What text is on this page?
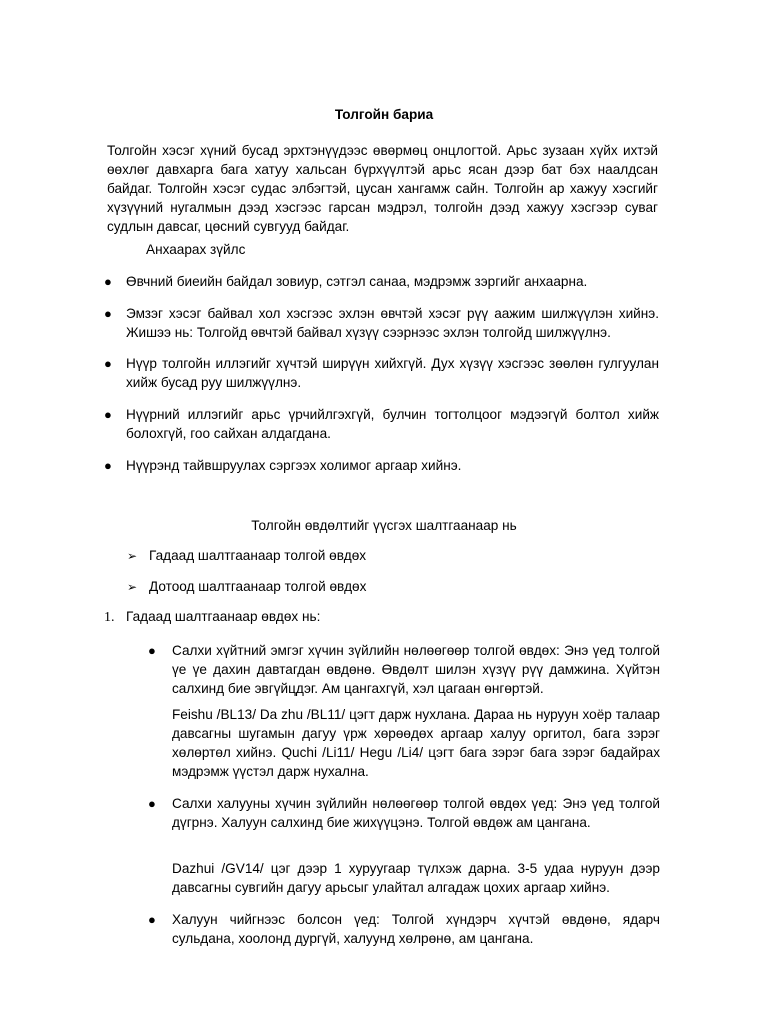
Толгойн бариа
Толгойн хэсэг хүний бусад эрхтэнүүдээс өвөрмөц онцлогтой. Арьс зузаан хүйх ихтэй өөхлөг давхарга бага хатуу хальсан бүрхүүлтэй арьс ясан дээр бат бэх наалдсан байдаг. Толгойн хэсэг судас элбэгтэй, цусан хангамж сайн. Толгойн ар хажуу хэсгийг хүзүүний нугалмын дээд хэсгээс гарсан мэдрэл, толгойн дээд хажуу хэсгээр суваг судлын давсаг, цөсний сувгууд байдаг.
Анхаарах зүйлс
●	Өвчний биеийн байдал зовиур, сэтгэл санаа, мэдрэмж зэргийг анхаарна.
●	Эмзэг хэсэг байвал хол хэсгээс эхлэн өвчтэй хэсэг рүү аажим шилжүүлэн хийнэ. Жишээ нь: Толгойд өвчтэй байвал хүзүү сээрнээс эхлэн толгойд шилжүүлнэ.
●	Нүүр толгойн иллэгийг хүчтэй ширүүн хийхгүй. Дух хүзүү хэсгээс зөөлөн гулгуулан хийж бусад руу шилжүүлнэ.
●	Нүүрний иллэгийг арьс үрчийлгэхгүй, булчин тогтолцоог мэдээгүй болтол хийж болохгүй, гоо сайхан алдагдана.
●	Нүүрэнд тайвшруулах сэргээх холимог аргаар хийнэ.
Толгойн өвдөлтийг үүсгэх шалтгаанаар нь
➢ Гадаад шалтгаанаар толгой өвдөх
➢ Дотоод шалтгаанаар толгой өвдөх
1. Гадаад шалтгаанаар өвдөх нь:
● Салхи хүйтний эмгэг хүчин зүйлийн нөлөөгөөр толгой өвдөх: Энэ үед толгой үе үе дахин давтагдан өвдөнө. Өвдөлт шилэн хүзүү рүү дамжина. Хүйтэн салхинд бие эвгүйцдэг. Ам цангахгүй, хэл цагаан өнгөртэй.
Feishu /BL13/ Da zhu /BL11/ цэгт дарж нухлана. Дараа нь нуруун хоёр талаар давсагны шугамын дагуу үрж хөрөөдөх аргаар халуу оргитол, бага зэрэг хөлөртөл хийнэ. Quchi /Li11/ Hegu /Li4/ цэгт бага зэрэг бага зэрэг бадайрах мэдрэмж үүстэл дарж нухална.
● Салхи халууны хүчин зүйлийн нөлөөгөөр толгой өвдөх үед: Энэ үед толгой дүгрнэ. Халуун салхинд бие жихүүцэнэ. Толгой өвдөж ам цангана.
Dazhui /GV14/ цэг дээр 1 хуруугаар түлхэж дарна. 3-5 удаа нуруун дээр давсагны сувгийн дагуу арьсыг улайтал алгадаж цохих аргаар хийнэ.
● Халуун чийгнээс болсон үед: Толгой хүндэрч хүчтэй өвдөнө, ядарч сульдана, хоолонд дургүй, халуунд хөлрөнө, ам цангана.
